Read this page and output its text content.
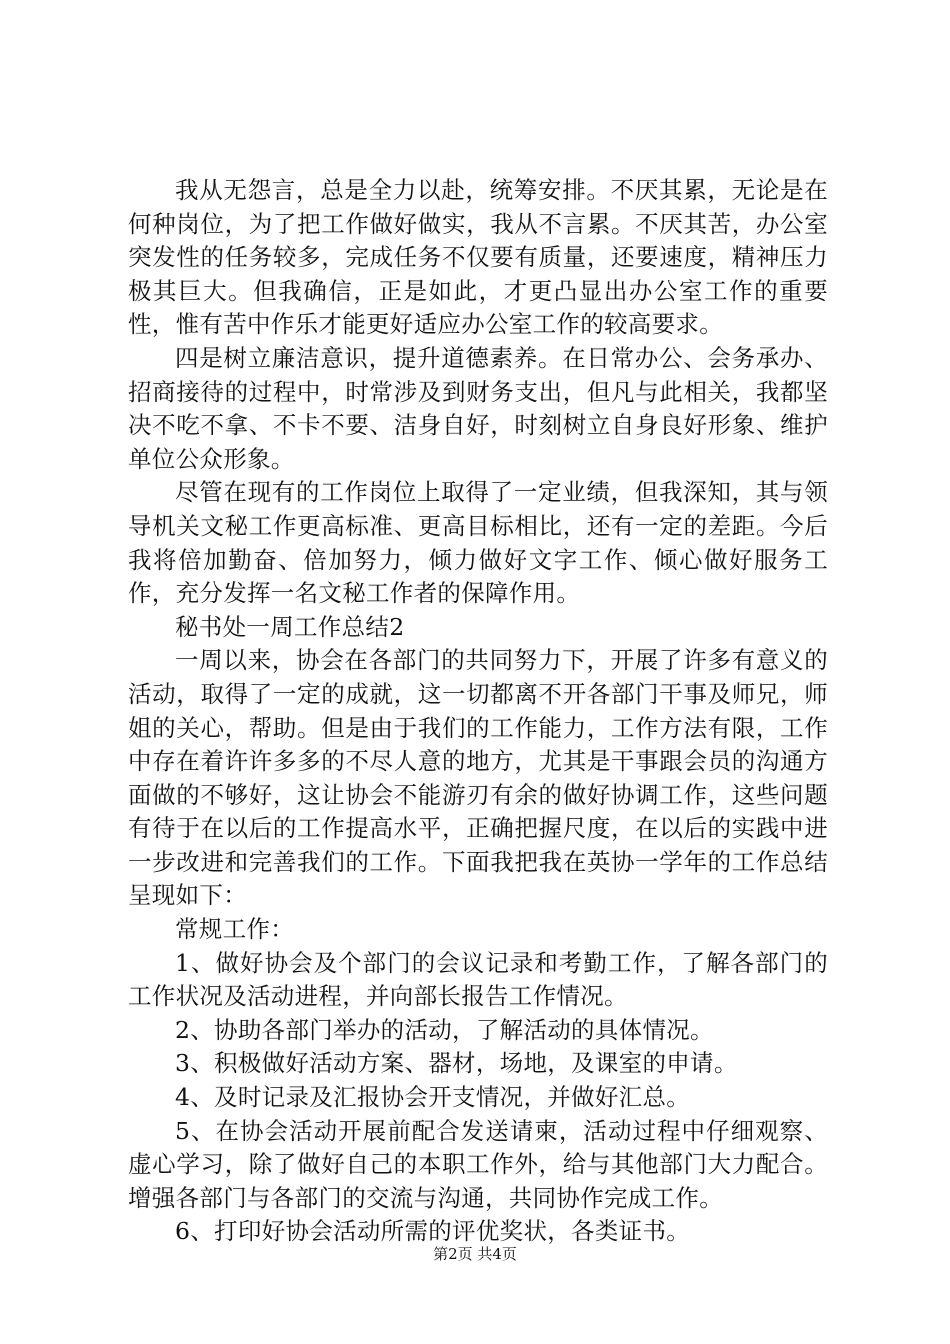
我从无怨言，总是全力以赴，统筹安排。不厌其累，无论是在何种岗位，为了把工作做好做实，我从不言累。不厌其苦，办公室突发性的任务较多，完成任务不仅要有质量，还要速度，精神压力极其巨大。但我确信，正是如此，才更凸显出办公室工作的重要性，惟有苦中作乐才能更好适应办公室工作的较高要求。

四是树立廉洁意识，提升道德素养。在日常办公、会务承办、招商接待的过程中，时常涉及到财务支出，但凡与此相关，我都坚决不吃不拿、不卡不要、洁身自好，时刻树立自身良好形象、维护单位公众形象。

尽管在现有的工作岗位上取得了一定业绩，但我深知，其与领导机关文秘工作更高标准、更高目标相比，还有一定的差距。今后我将倍加勤奋、倍加努力，倾力做好文字工作、倾心做好服务工作，充分发挥一名文秘工作者的保障作用。

秘书处一周工作总结2

一周以来，协会在各部门的共同努力下，开展了许多有意义的活动，取得了一定的成就，这一切都离不开各部门干事及师兄，师姐的关心，帮助。但是由于我们的工作能力，工作方法有限，工作中存在着许许多多的不尽人意的地方，尤其是干事跟会员的沟通方面做的不够好，这让协会不能游刃有余的做好协调工作，这些问题有待于在以后的工作提高水平，正确把握尺度，在以后的实践中进一步改进和完善我们的工作。下面我把我在英协一学年的工作总结呈现如下：

常规工作：

1、做好协会及个部门的会议记录和考勤工作，了解各部门的工作状况及活动进程，并向部长报告工作情况。

2、协助各部门举办的活动，了解活动的具体情况。

3、积极做好活动方案、器材，场地，及课室的申请。

4、及时记录及汇报协会开支情况，并做好汇总。

5、在协会活动开展前配合发送请柬，活动过程中仔细观察、虚心学习，除了做好自己的本职工作外，给与其他部门大力配合。增强各部门与各部门的交流与沟通，共同协作完成工作。

6、打印好协会活动所需的评优奖状，各类证书。

第2页 共4页
